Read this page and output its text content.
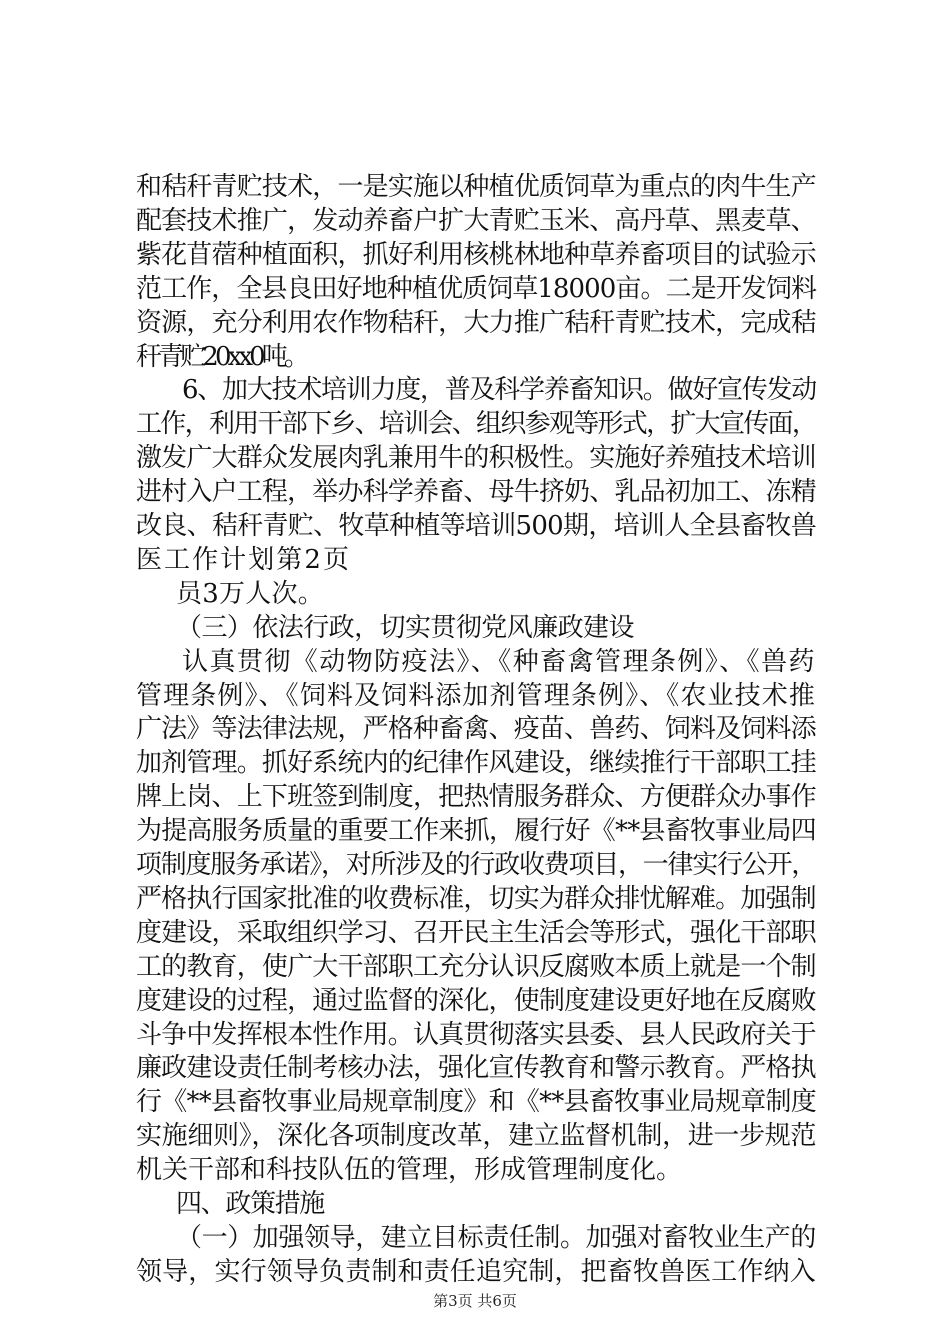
和秸秆青贮技术，一是实施以种植优质饲草为重点的肉牛生产
配套技术推广，发动养畜户扩大青贮玉米、高丹草、黑麦草、
紫花苜蓿种植面积，抓好利用核桃林地种草养畜项目的试验示
范工作，全县良田好地种植优质饲草18000亩。二是开发饲料
资源，充分利用农作物秸秆，大力推广秸秆青贮技术，完成秸
秆青贮20xx0吨。
6、加大技术培训力度，普及科学养畜知识。做好宣传发动
工作，利用干部下乡、培训会、组织参观等形式，扩大宣传面，
激发广大群众发展肉乳兼用牛的积极性。实施好养殖技术培训
进村入户工程，举办科学养畜、母牛挤奶、乳品初加工、冻精
改良、秸秆青贮、牧草种植等培训500期，培训人全县畜牧兽
医工作计划第2页
员3万人次。
（三）依法行政，切实贯彻党风廉政建设
认真贯彻《动物防疫法》、《种畜禽管理条例》、《兽药
管理条例》、《饲料及饲料添加剂管理条例》、《农业技术推
广法》等法律法规，严格种畜禽、疫苗、兽药、饲料及饲料添
加剂管理。抓好系统内的纪律作风建设，继续推行干部职工挂
牌上岗、上下班签到制度，把热情服务群众、方便群众办事作
为提高服务质量的重要工作来抓，履行好《**县畜牧事业局四
项制度服务承诺》，对所涉及的行政收费项目，一律实行公开，
严格执行国家批准的收费标准，切实为群众排忧解难。加强制
度建设，采取组织学习、召开民主生活会等形式，强化干部职
工的教育，使广大干部职工充分认识反腐败本质上就是一个制
度建设的过程，通过监督的深化，使制度建设更好地在反腐败
斗争中发挥根本性作用。认真贯彻落实县委、县人民政府关于
廉政建设责任制考核办法，强化宣传教育和警示教育。严格执
行《**县畜牧事业局规章制度》和《**县畜牧事业局规章制度
实施细则》，深化各项制度改革，建立监督机制，进一步规范
机关干部和科技队伍的管理，形成管理制度化。
四、政策措施
（一）加强领导，建立目标责任制。加强对畜牧业生产的
领导，实行领导负责制和责任追究制，把畜牧兽医工作纳入
第3页 共6页
